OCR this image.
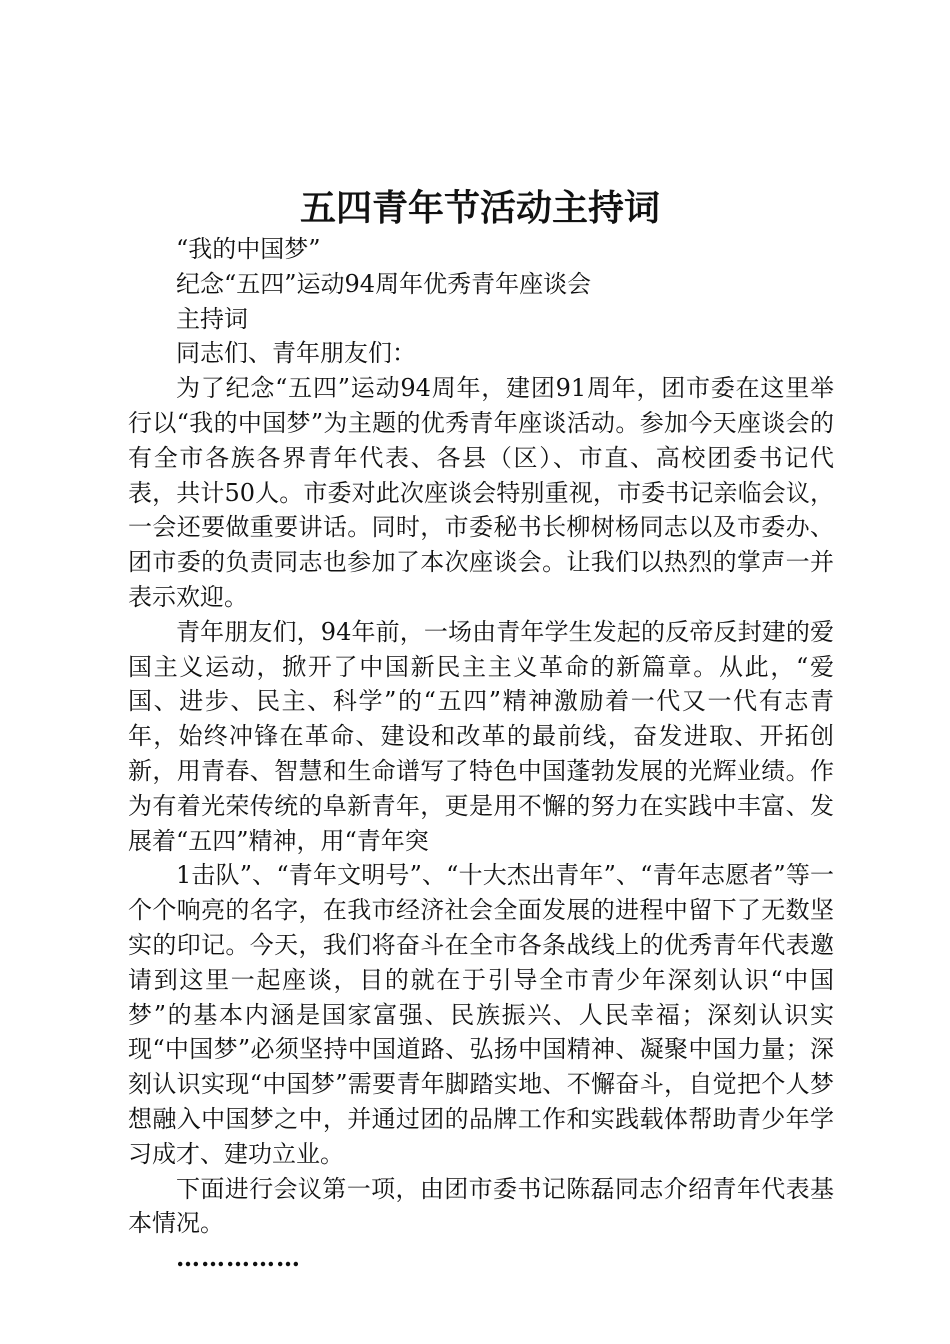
五四青年节活动主持词

“我的中国梦”

纪念“五四”运动94周年优秀青年座谈会

主持词

同志们、青年朋友们：

为了纪念“五四”运动94周年，建团91周年，团市委在这里举行以“我的中国梦”为主题的优秀青年座谈活动。参加今天座谈会的有全市各族各界青年代表、各县（区）、市直、高校团委书记代表，共计50人。市委对此次座谈会特别重视，市委书记亲临会议，一会还要做重要讲话。同时，市委秘书长柳树杨同志以及市委办、团市委的负责同志也参加了本次座谈会。让我们以热烈的掌声一并表示欢迎。

青年朋友们，94年前，一场由青年学生发起的反帝反封建的爱国主义运动，掀开了中国新民主主义革命的新篇章。从此，“爱国、进步、民主、科学”的“五四”精神激励着一代又一代有志青年，始终冲锋在革命、建设和改革的最前线，奋发进取、开拓创新，用青春、智慧和生命谱写了特色中国蓬勃发展的光辉业绩。作为有着光荣传统的阜新青年，更是用不懈的努力在实践中丰富、发展着“五四”精神，用“青年突

1击队”、“青年文明号”、“十大杰出青年”、“青年志愿者”等一个个响亮的名字，在我市经济社会全面发展的进程中留下了无数坚实的印记。今天，我们将奋斗在全市各条战线上的优秀青年代表邀请到这里一起座谈，目的就在于引导全市青少年深刻认识“中国梦”的基本内涵是国家富强、民族振兴、人民幸福；深刻认识实现“中国梦”必须坚持中国道路、弘扬中国精神、凝聚中国力量；深刻认识实现“中国梦”需要青年脚踏实地、不懈奋斗，自觉把个人梦想融入中国梦之中，并通过团的品牌工作和实践载体帮助青少年学习成才、建功立业。

下面进行会议第一项，由团市委书记陈磊同志介绍青年代表基本情况。

……………
